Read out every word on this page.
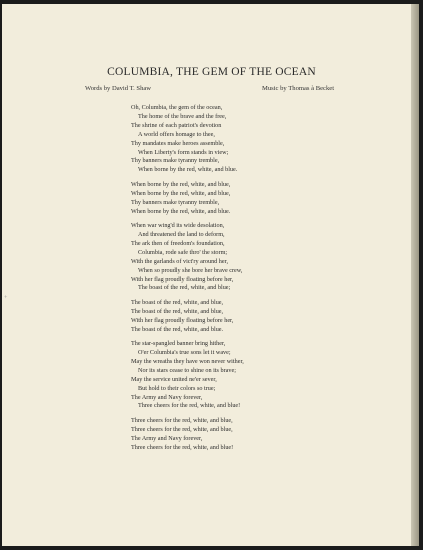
+
COLUMBIA, THE GEM OF THE OCEAN
Words by David T. Shaw	Music by Thomas à Becket
Oh, Columbia, the gem of the ocean,
The home of the brave and the free,
The shrine of each patriot's devotion
A world offers homage to thee,
Thy mandates make heroes assemble,
When Liberty's form stands in view;
Thy banners make tyranny tremble,
When borne by the red, white, and blue.
When borne by the red, white, and blue,
When borne by the red, white, and blue,
Thy banners make tyranny tremble,
When borne by the red, white, and blue.
When war wing'd its wide desolation,
And threatened the land to deform,
The ark then of freedom's foundation,
Columbia, rode safe thro' the storm;
With the garlands of vict'ry around her,
When so proudly she bore her brave crew,
With her flag proudly floating before her,
The boast of the red, white, and blue;
The boast of the red, white, and blue,
The boast of the red, white, and blue,
With her flag proudly floating before her,
The boast of the red, white, and blue.
The star-spangled banner bring hither,
O'er Columbia's true sons let it wave;
May the wreaths they have won never wither,
Nor its stars cease to shine on its brave;
May the service united ne'er sever,
But hold to their colors so true;
The Army and Navy forever,
Three cheers for the red, white, and blue!
Three cheers for the red, white, and blue,
Three cheers for the red, white, and blue,
The Army and Navy forever,
Three cheers for the red, white, and blue!
